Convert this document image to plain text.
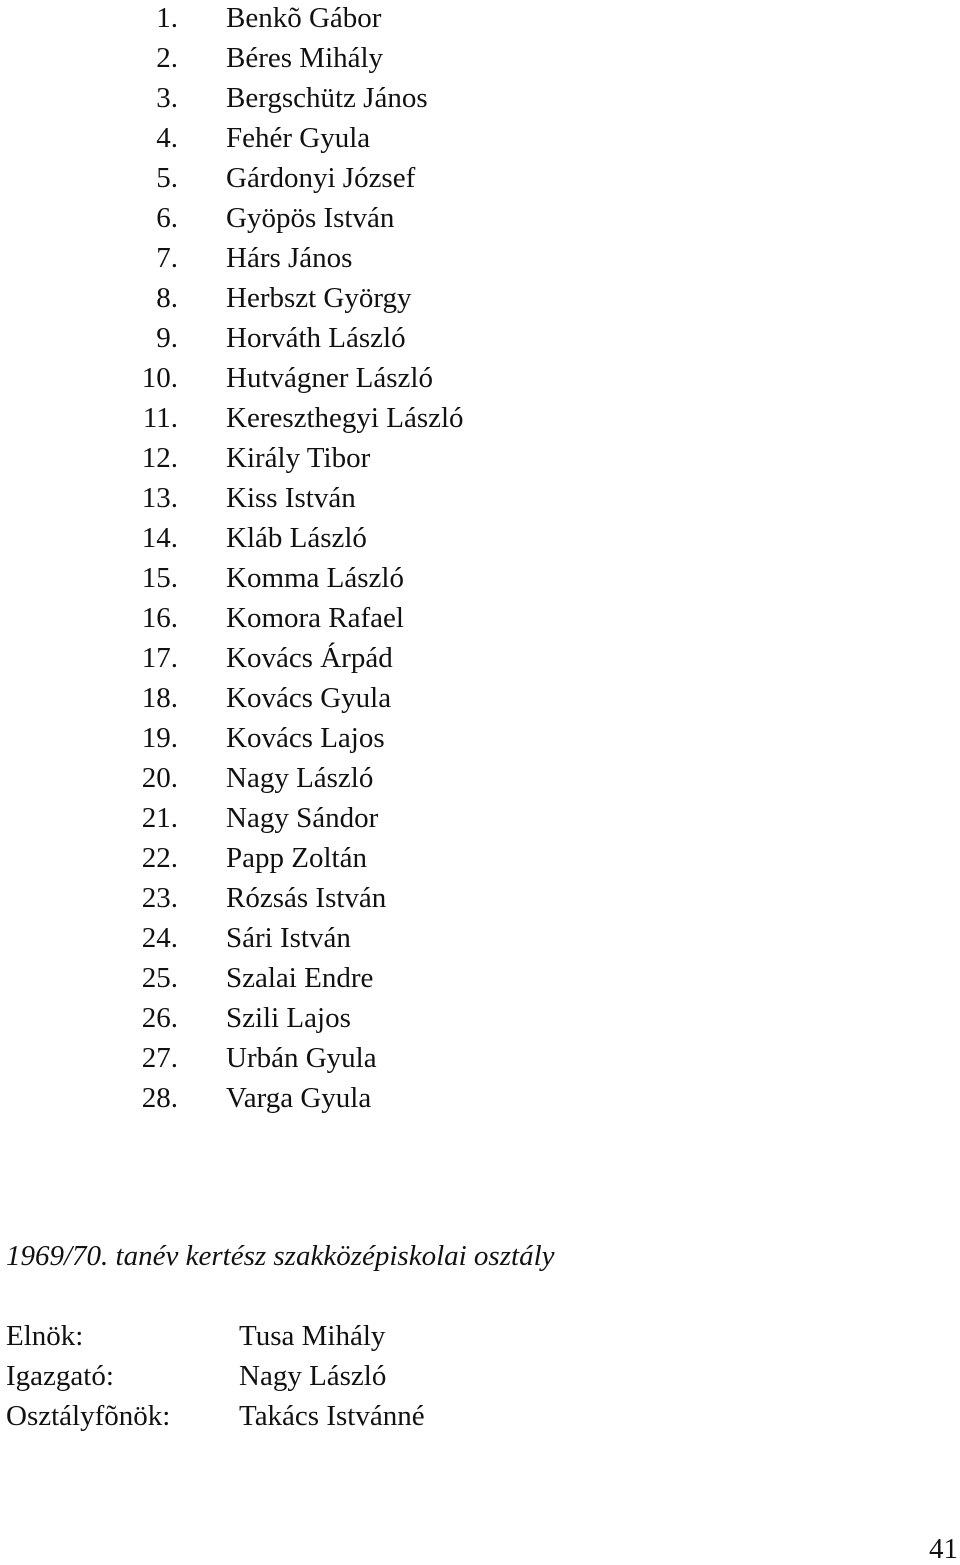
1. Benkõ Gábor
2. Béres Mihály
3. Bergschütz János
4. Fehér Gyula
5. Gárdonyi József
6. Gyöpös István
7. Hárs János
8. Herbszt György
9. Horváth László
10. Hutvágner László
11. Kereszthegyi László
12. Király Tibor
13. Kiss István
14. Kláb László
15. Komma László
16. Komora Rafael
17. Kovács Árpád
18. Kovács Gyula
19. Kovács Lajos
20. Nagy László
21. Nagy Sándor
22. Papp Zoltán
23. Rózsás István
24. Sári István
25. Szalai Endre
26. Szili Lajos
27. Urbán Gyula
28. Varga Gyula
1969/70. tanév kertész szakközépiskolai osztály
Elnök:	Tusa Mihály
Igazgató:	Nagy László
Osztályfõnök: Takács Istvánné
41
